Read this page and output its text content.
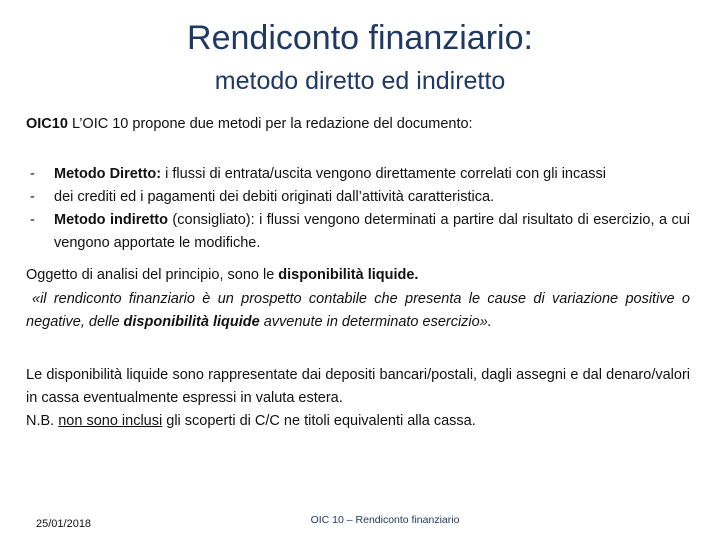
Rendiconto finanziario:
metodo diretto ed indiretto
OIC10 L’OIC 10 propone due metodi per la redazione del documento:
- Metodo Diretto: i flussi di entrata/uscita vengono direttamente correlati con gli incassi
- dei crediti ed i pagamenti dei debiti originati dall’attività caratteristica.
- Metodo indiretto (consigliato): i flussi vengono determinati a partire dal risultato di esercizio, a cui vengono apportate le modifiche.
Oggetto di analisi del principio, sono le disponibilità liquide.
«il rendiconto finanziario è un prospetto contabile che presenta le cause di variazione positive o negative, delle disponibilità liquide avvenute in determinato esercizio».
Le disponibilità liquide sono rappresentate dai depositi bancari/postali, dagli assegni e dal denaro/valori in cassa eventualmente espressi in valuta estera.
N.B. non sono inclusi gli scoperti di C/C ne titoli equivalenti alla cassa.
25/01/2018	OIC 10 – Rendiconto finanziario
